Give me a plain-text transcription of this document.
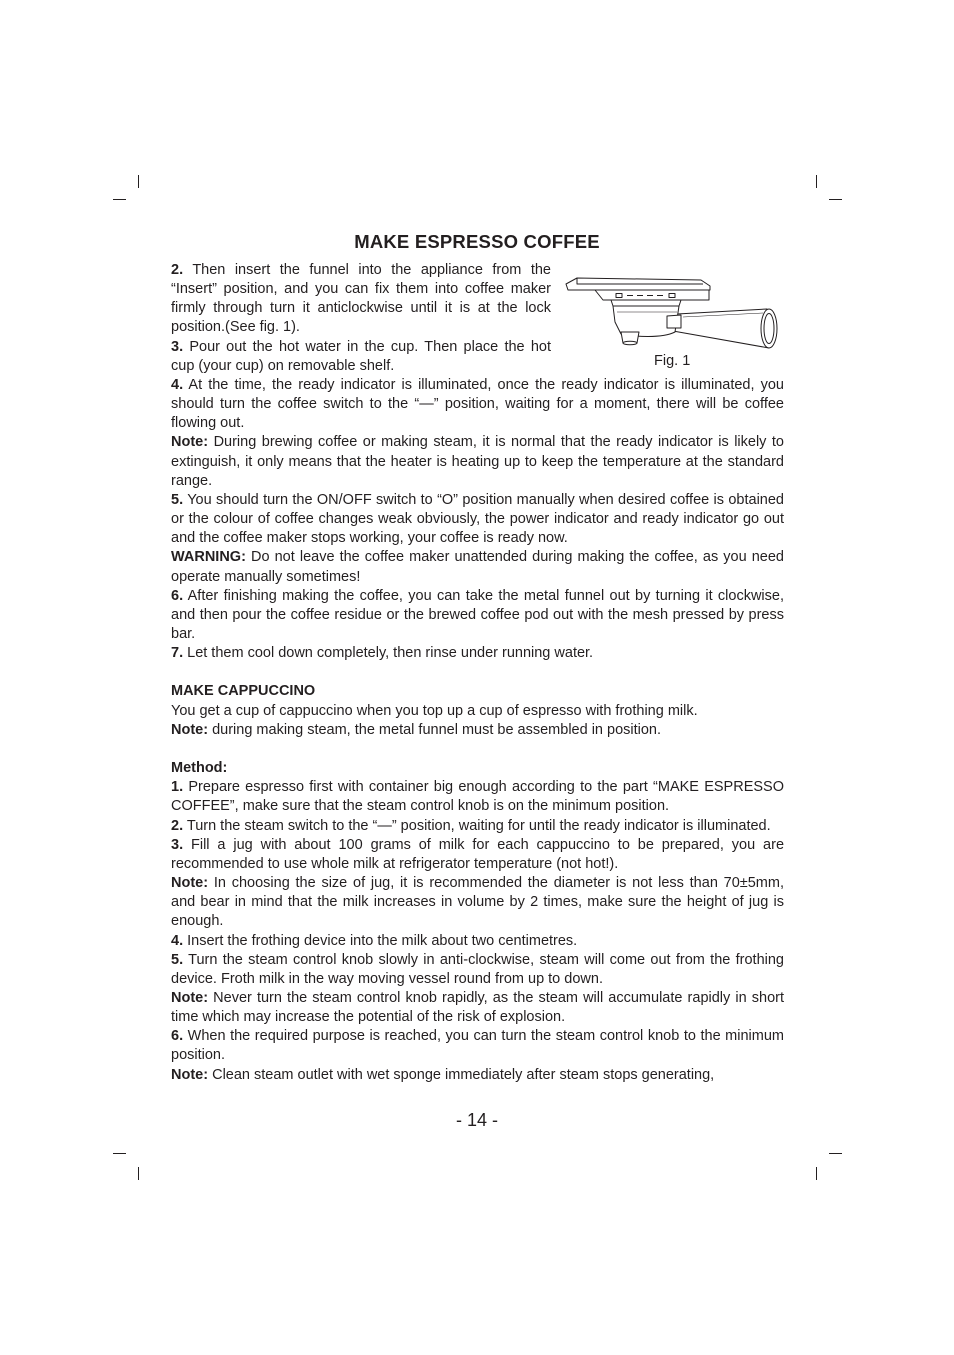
MAKE ESPRESSO COFFEE
Fig. 1

2. Then insert the funnel into the appliance from the “Insert” position, and you can fix them into coffee maker firmly through turn it anticlockwise until it is at the lock position.(See fig. 1).

3. Pour out the hot water in the cup. Then place the hot cup (your cup) on removable shelf.

4. At the time, the ready indicator is illuminated, once the ready indicator is illuminated, you should turn the coffee switch to the “—” position, waiting for a moment, there will be coffee flowing out.

Note: During brewing coffee or making steam, it is normal that the ready indicator is likely to extinguish, it only means that the heater is heating up to keep the temperature at the standard range.

5. You should turn the ON/OFF switch to “O” position manually when desired coffee is obtained or the colour of coffee changes weak obviously, the power indicator and ready indicator go out and the coffee maker stops working, your coffee is ready now.

WARNING: Do not leave the coffee maker unattended during making the coffee, as you need operate manually sometimes!

6. After finishing making the coffee, you can take the metal funnel out by turning it clockwise, and then pour the coffee residue or the brewed coffee pod out with the mesh pressed by press bar.

7. Let them cool down completely, then rinse under running water.

MAKE CAPPUCCINO

You get a cup of cappuccino when you top up a cup of espresso with frothing milk.

Note: during making steam, the metal funnel must be assembled in position.

Method:

1. Prepare espresso first with container big enough according to the part “MAKE ESPRESSO COFFEE”, make sure that the steam control knob is on the minimum position.

2. Turn the steam switch to the “—” position, waiting for until the ready indicator is illuminated.

3. Fill a jug with about 100 grams of milk for each cappuccino to be prepared, you are recommended to use whole milk at refrigerator temperature (not hot!).

Note: In choosing the size of jug, it is recommended the diameter is not less than 70±5mm, and bear in mind that the milk increases in volume by 2 times, make sure the height of jug is enough.

4. Insert the frothing device into the milk about two centimetres.

5. Turn the steam control knob slowly in anti-clockwise, steam will come out from the frothing device. Froth milk in the way moving vessel round from up to down.

Note: Never turn the steam control knob rapidly, as the steam will accumulate rapidly in short time which may increase the potential of the risk of explosion.

6. When the required purpose is reached, you can turn the steam control knob to the minimum position.

Note: Clean steam outlet with wet sponge immediately after steam stops generating,

- 14 -
